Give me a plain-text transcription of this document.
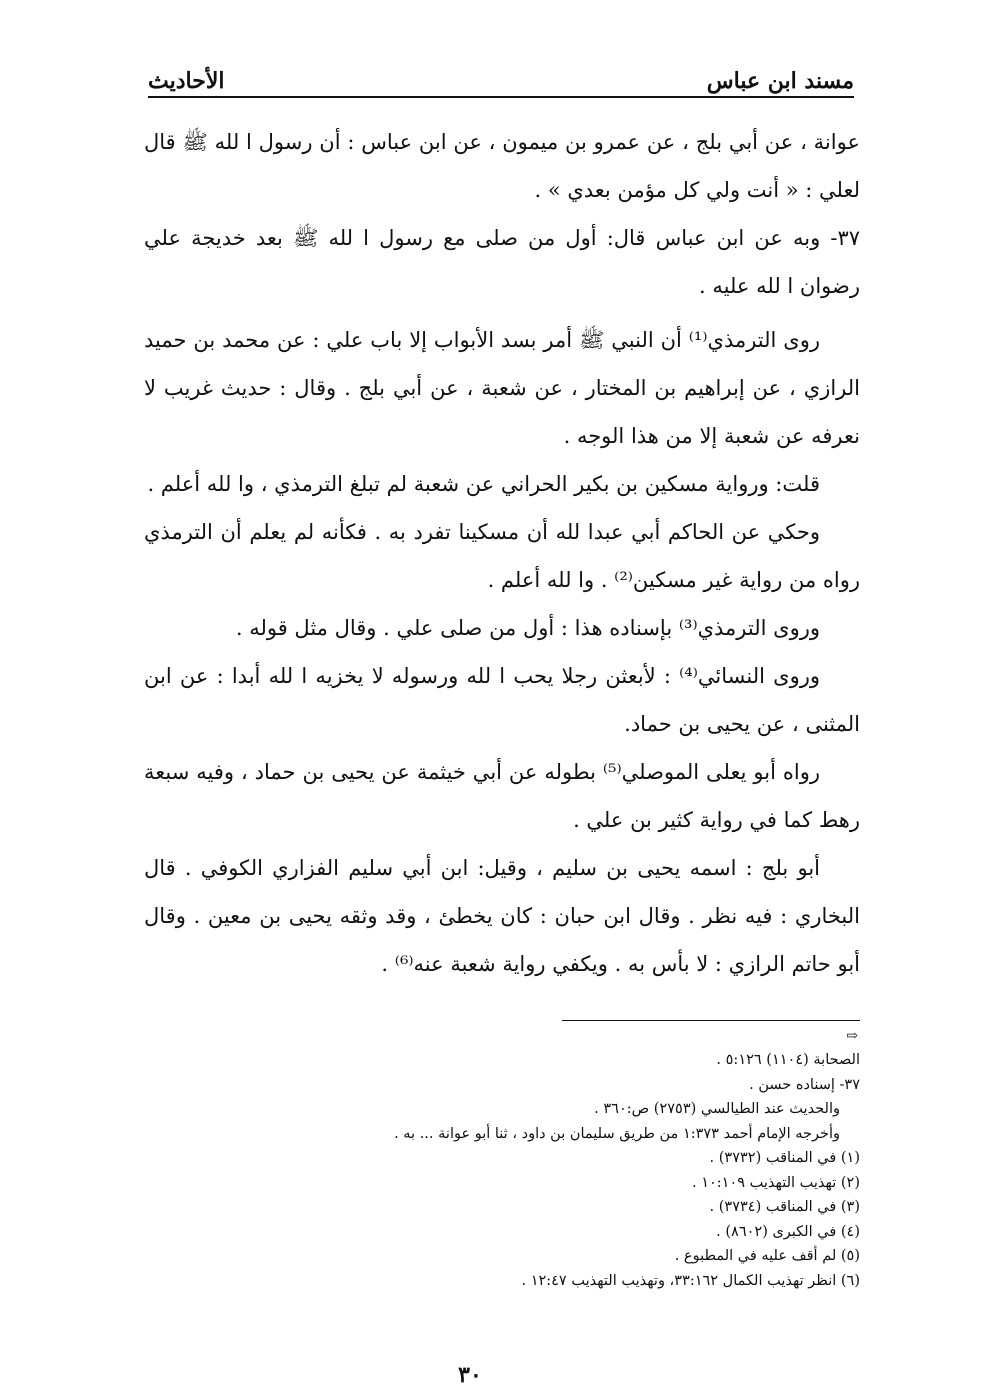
مسند ابن عباس
الأحاديث

عوانة ، عن أبي بلج ، عن عمرو بن ميمون ، عن ابن عباس : أن رسول ا لله ﷺ قال لعلي : « أنت ولي كل مؤمن بعدي » .

٣٧- وبه عن ابن عباس قال: أول من صلى مع رسول ا لله ﷺ بعد خديجة علي رضوان ا لله عليه .

روى الترمذي⁽¹⁾ أن النبي ﷺ أمر بسد الأبواب إلا باب علي : عن محمد بن حميد الرازي ، عن إبراهيم بن المختار ، عن شعبة ، عن أبي بلج . وقال : حديث غريب لا نعرفه عن شعبة إلا من هذا الوجه .

قلت: ورواية مسكين بن بكير الحراني عن شعبة لم تبلغ الترمذي ، وا لله أعلم .

وحكي عن الحاكم أبي عبدا لله أن مسكينا تفرد به . فكأنه لم يعلم أن الترمذي رواه من رواية غير مسكين⁽²⁾ . وا لله أعلم .

وروى الترمذي⁽³⁾ بإسناده هذا : أول من صلى علي . وقال مثل قوله .

وروى النسائي⁽⁴⁾ : لأبعثن رجلا يحب ا لله ورسوله لا يخزيه ا لله أبدا : عن ابن المثنى ، عن يحيى بن حماد.

رواه أبو يعلى الموصلي⁽⁵⁾ بطوله عن أبي خيثمة عن يحيى بن حماد ، وفيه سبعة رهط كما في رواية كثير بن علي .

أبو بلج : اسمه يحيى بن سليم ، وقيل: ابن أبي سليم الفزاري الكوفي . قال البخاري : فيه نظر . وقال ابن حبان : كان يخطئ ، وقد وثقه يحيى بن معين . وقال أبو حاتم الرازي : لا بأس به . ويكفي رواية شعبة عنه⁽⁶⁾ .

⇨

الصحابة (١١٠٤) ٥:١٢٦ .

٣٧- إسناده حسن .

والحديث عند الطيالسي (٢٧٥٣) ص:٣٦٠ .

وأخرجه الإمام أحمد ١:٣٧٣ من طريق سليمان بن داود ، ثنا أبو عوانة ... به .

(١) في المناقب (٣٧٣٢) .

(٢) تهذيب التهذيب ١٠:١٠٩ .

(٣) في المناقب (٣٧٣٤) .

(٤) في الكبرى (٨٦٠٢) .

(٥) لم أقف عليه في المطبوع .

(٦) انظر تهذيب الكمال ٣٣:١٦٢، وتهذيب التهذيب ١٢:٤٧ .

٣٠
